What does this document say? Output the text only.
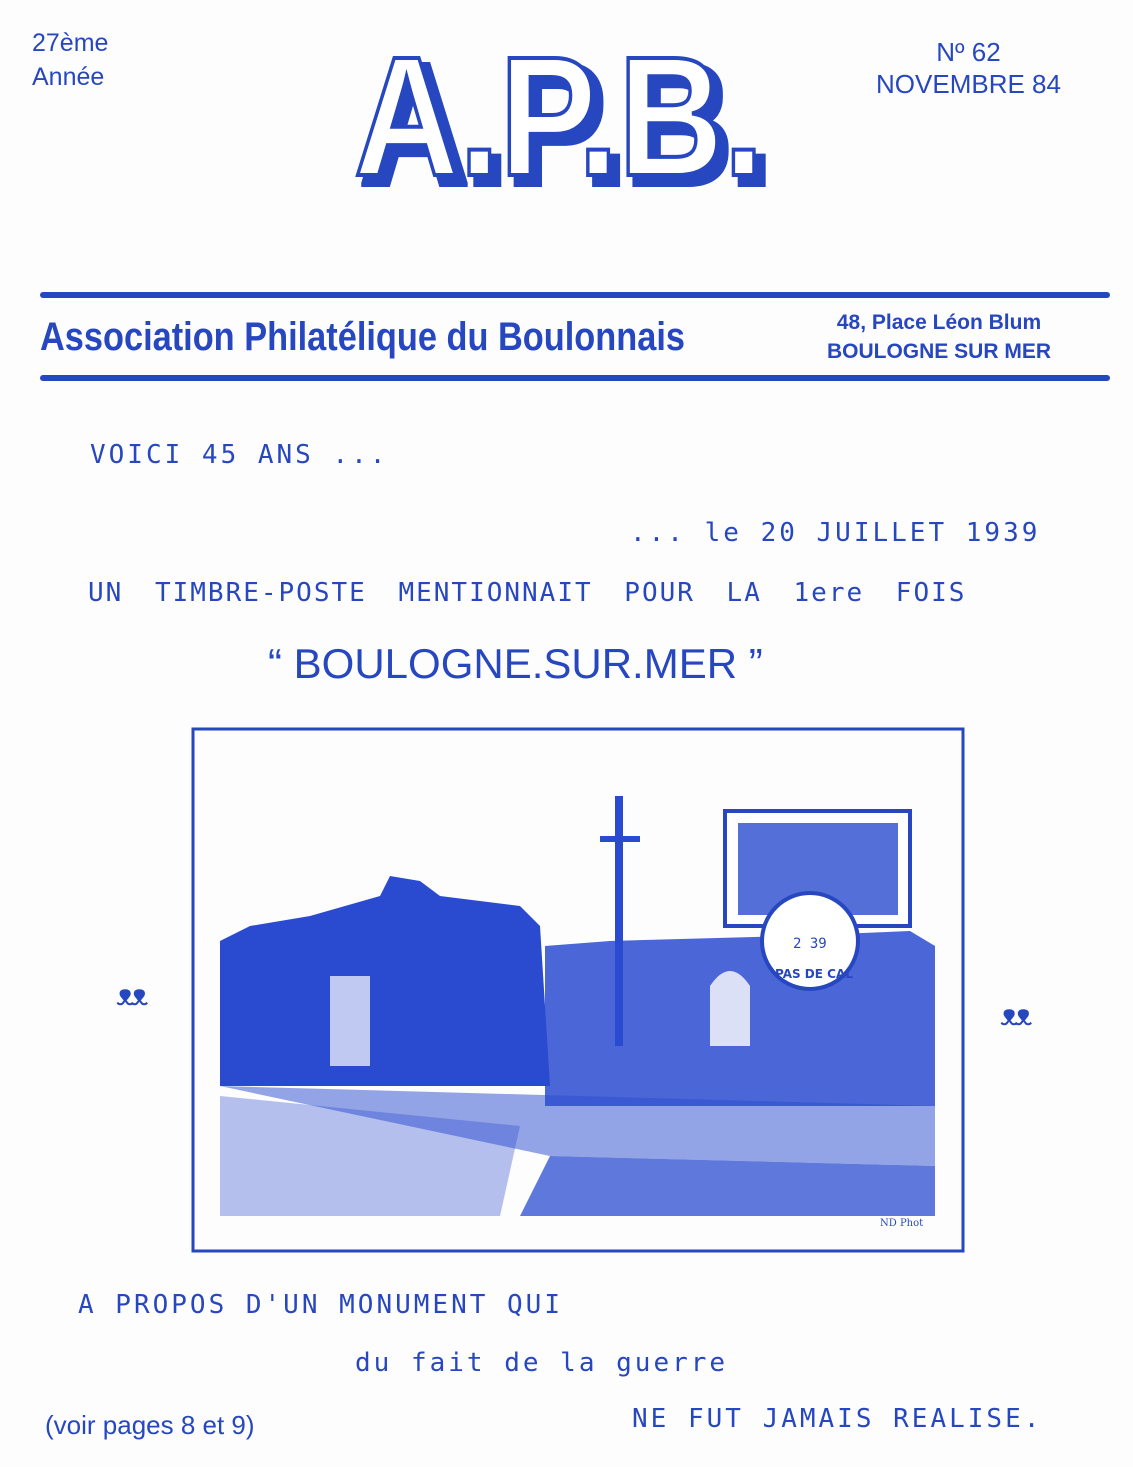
27ème
Année A.P.B.	Nº 62
NOVEMBRE 84
Association Philatélique du Boulonnais	48, Place Léon Blum
BOULOGNE SUR MER
VOICI 45 ANS ...
... le 20 JUILLET 1939
UN TIMBRE-POSTE MENTIONNAIT POUR LA 1ere FOIS
“ BOULOGNE.SUR.MER ”
ᴥᴥ
ᴥᴥ
2 39
PAS DE CAL
ND Phot
A PROPOS D'UN MONUMENT QUI
du fait de la guerre
(voir pages 8 et 9)	NE FUT JAMAIS REALISE.
